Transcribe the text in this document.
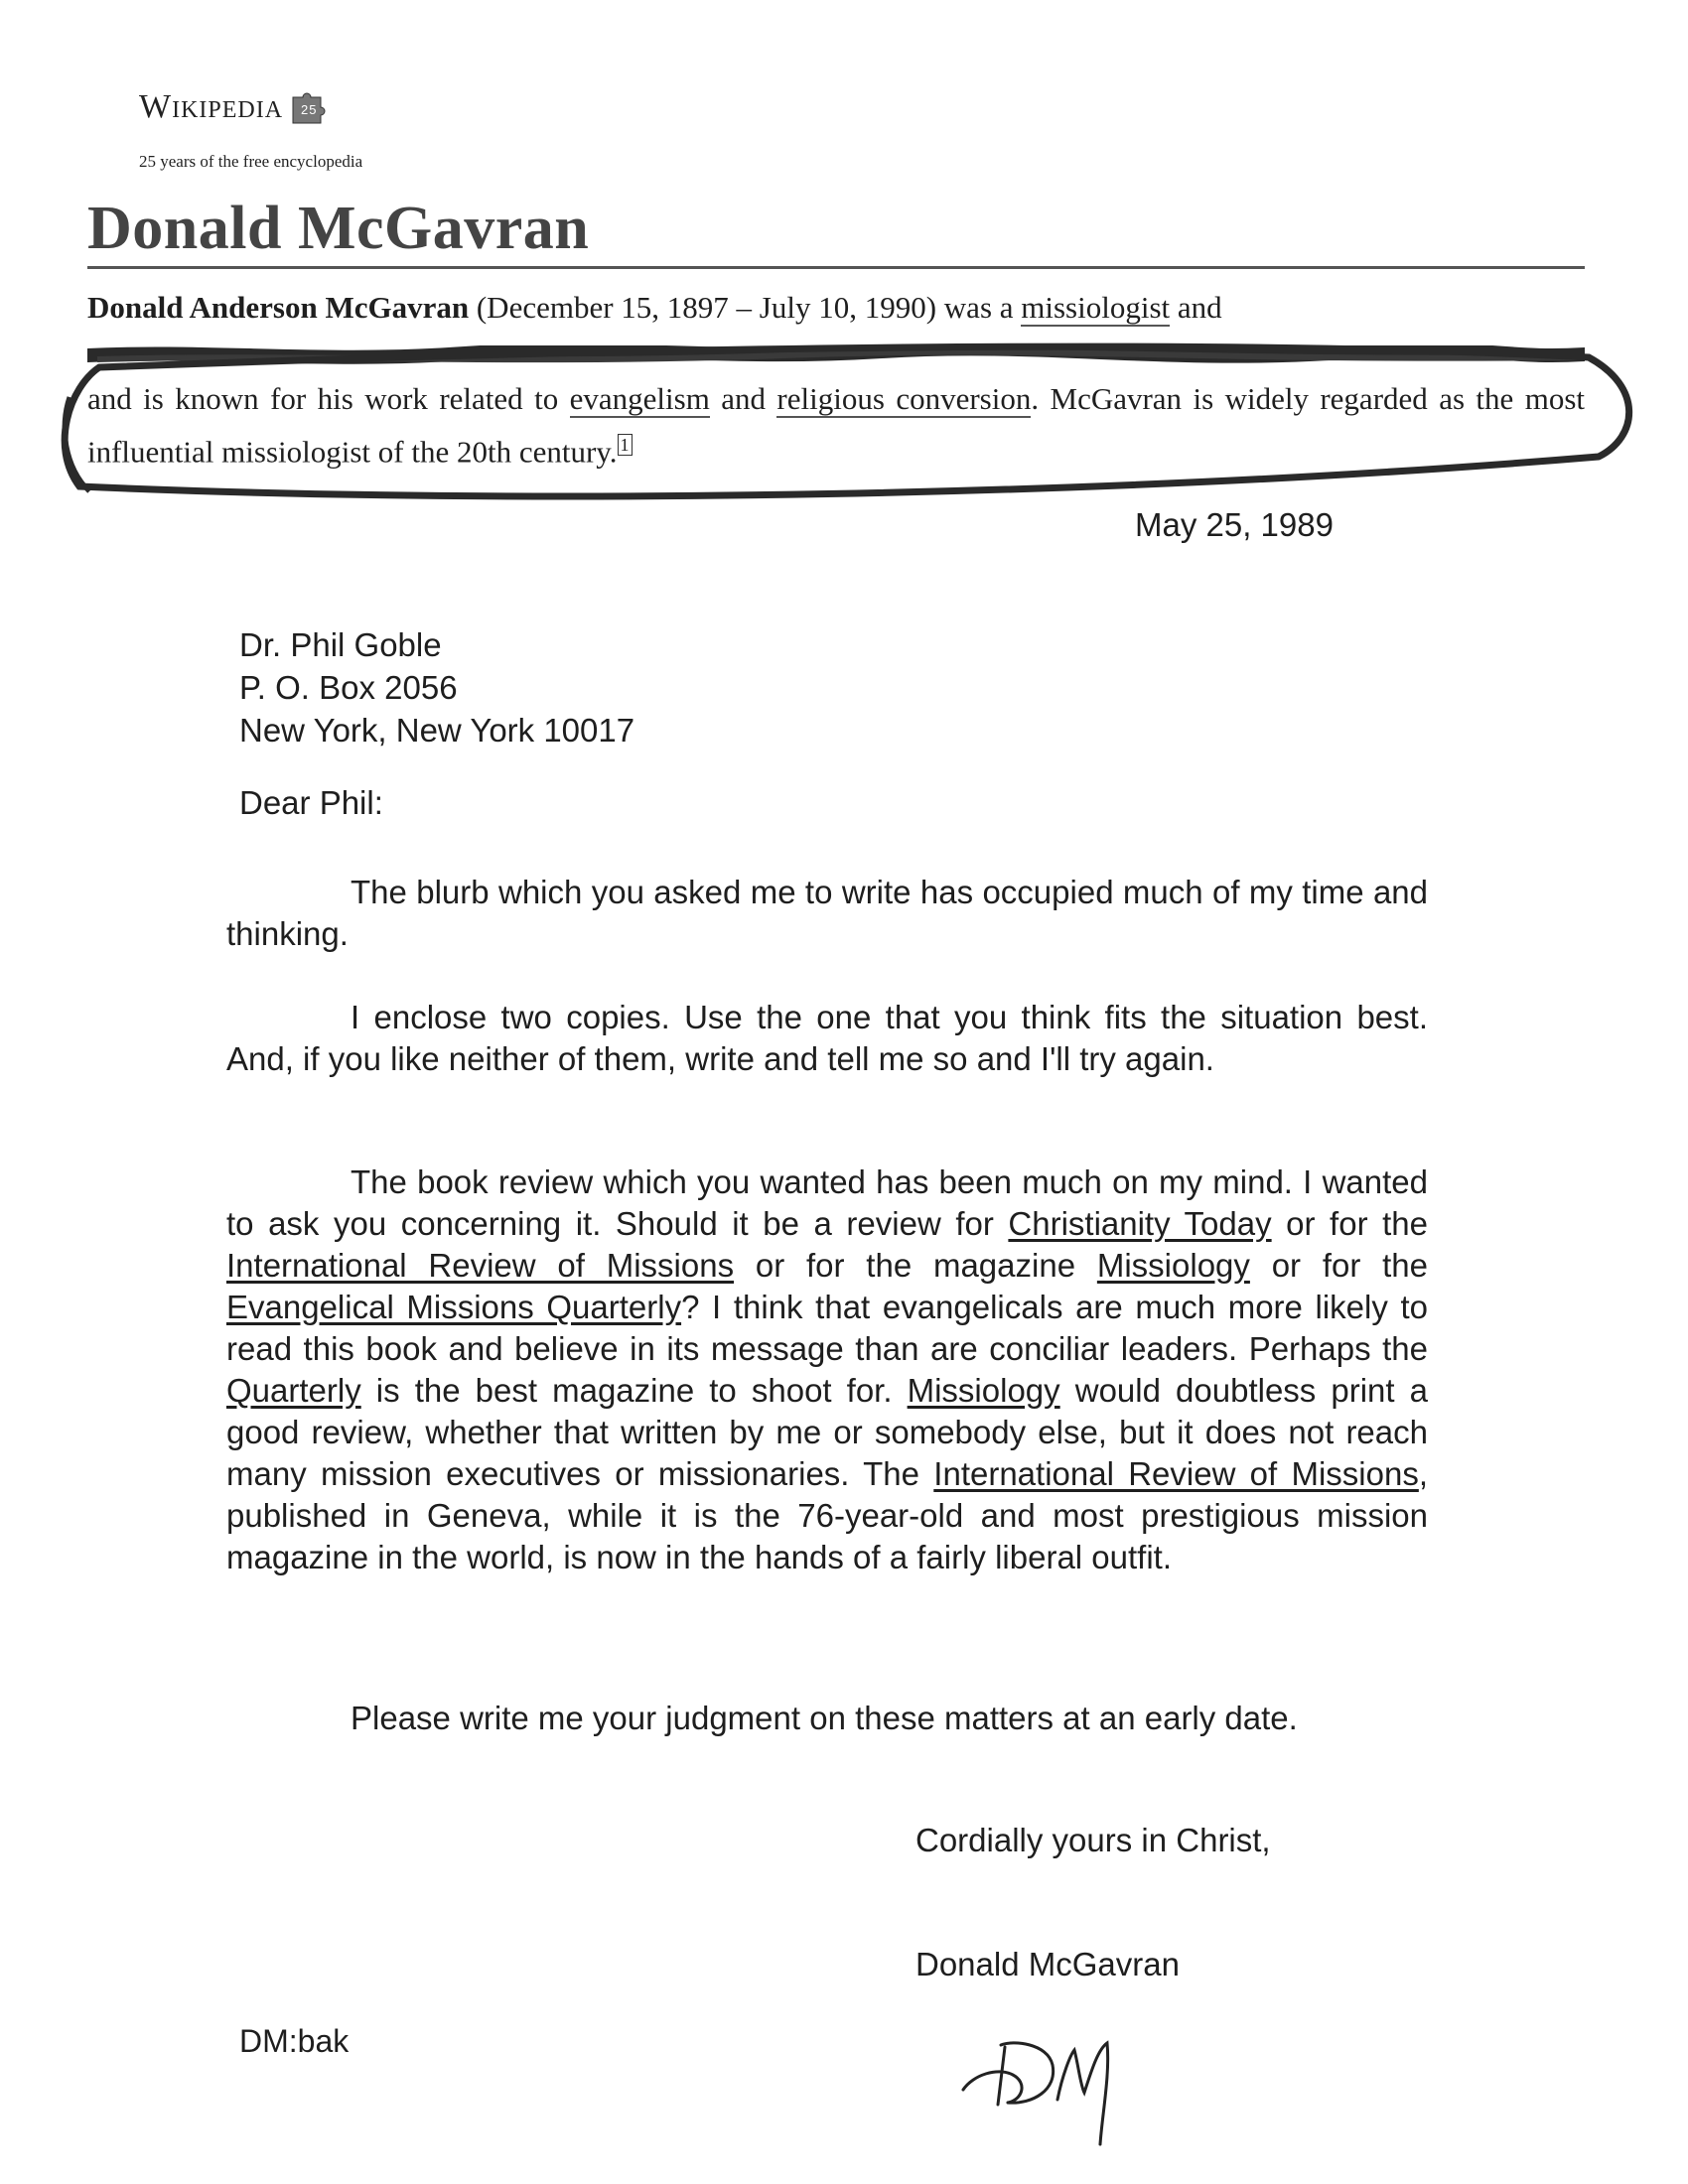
Wikipedia 25
25 years of the free encyclopedia
Donald McGavran
Donald Anderson McGavran (December 15, 1897 – July 10, 1990) was a missiologist andand is known for his work related to evangelism and religious conversion. McGavran is widely regarded as the most influential missiologist of the 20th century. $^1$
May 25, 1989
Dr. Phil Goble
P. O. Box 2056
New York, New York 10017
Dear Phil:
The blurb which you asked me to write has occupied much of my time and thinking.
I enclose two copies. Use the one that you think fits the situation best. And, if you like neither of them, write and tell me so and I'll try again.
The book review which you wanted has been much on my mind. I wanted to ask you concerning it. Should it be a review for Christianity Today or for the International Review of Missions or for the magazine Missiology or for the Evangelical Missions Quarterly? I think that evangelicals are much more likely to read this book and believe in its message than are conciliar leaders. Perhaps the Quarterly is the best magazine to shoot for. Missiology would doubtless print a good review, whether that written by me or somebody else, but it does not reach many mission executives or missionaries. The International Review of Missions, published in Geneva, while it is the 76-year-old and most prestigious mission magazine in the world, is now in the hands of a fairly liberal outfit.
Please write me your judgment on these matters at an early date.
Cordially yours in Christ,
Donald McGavran
DM:bak
